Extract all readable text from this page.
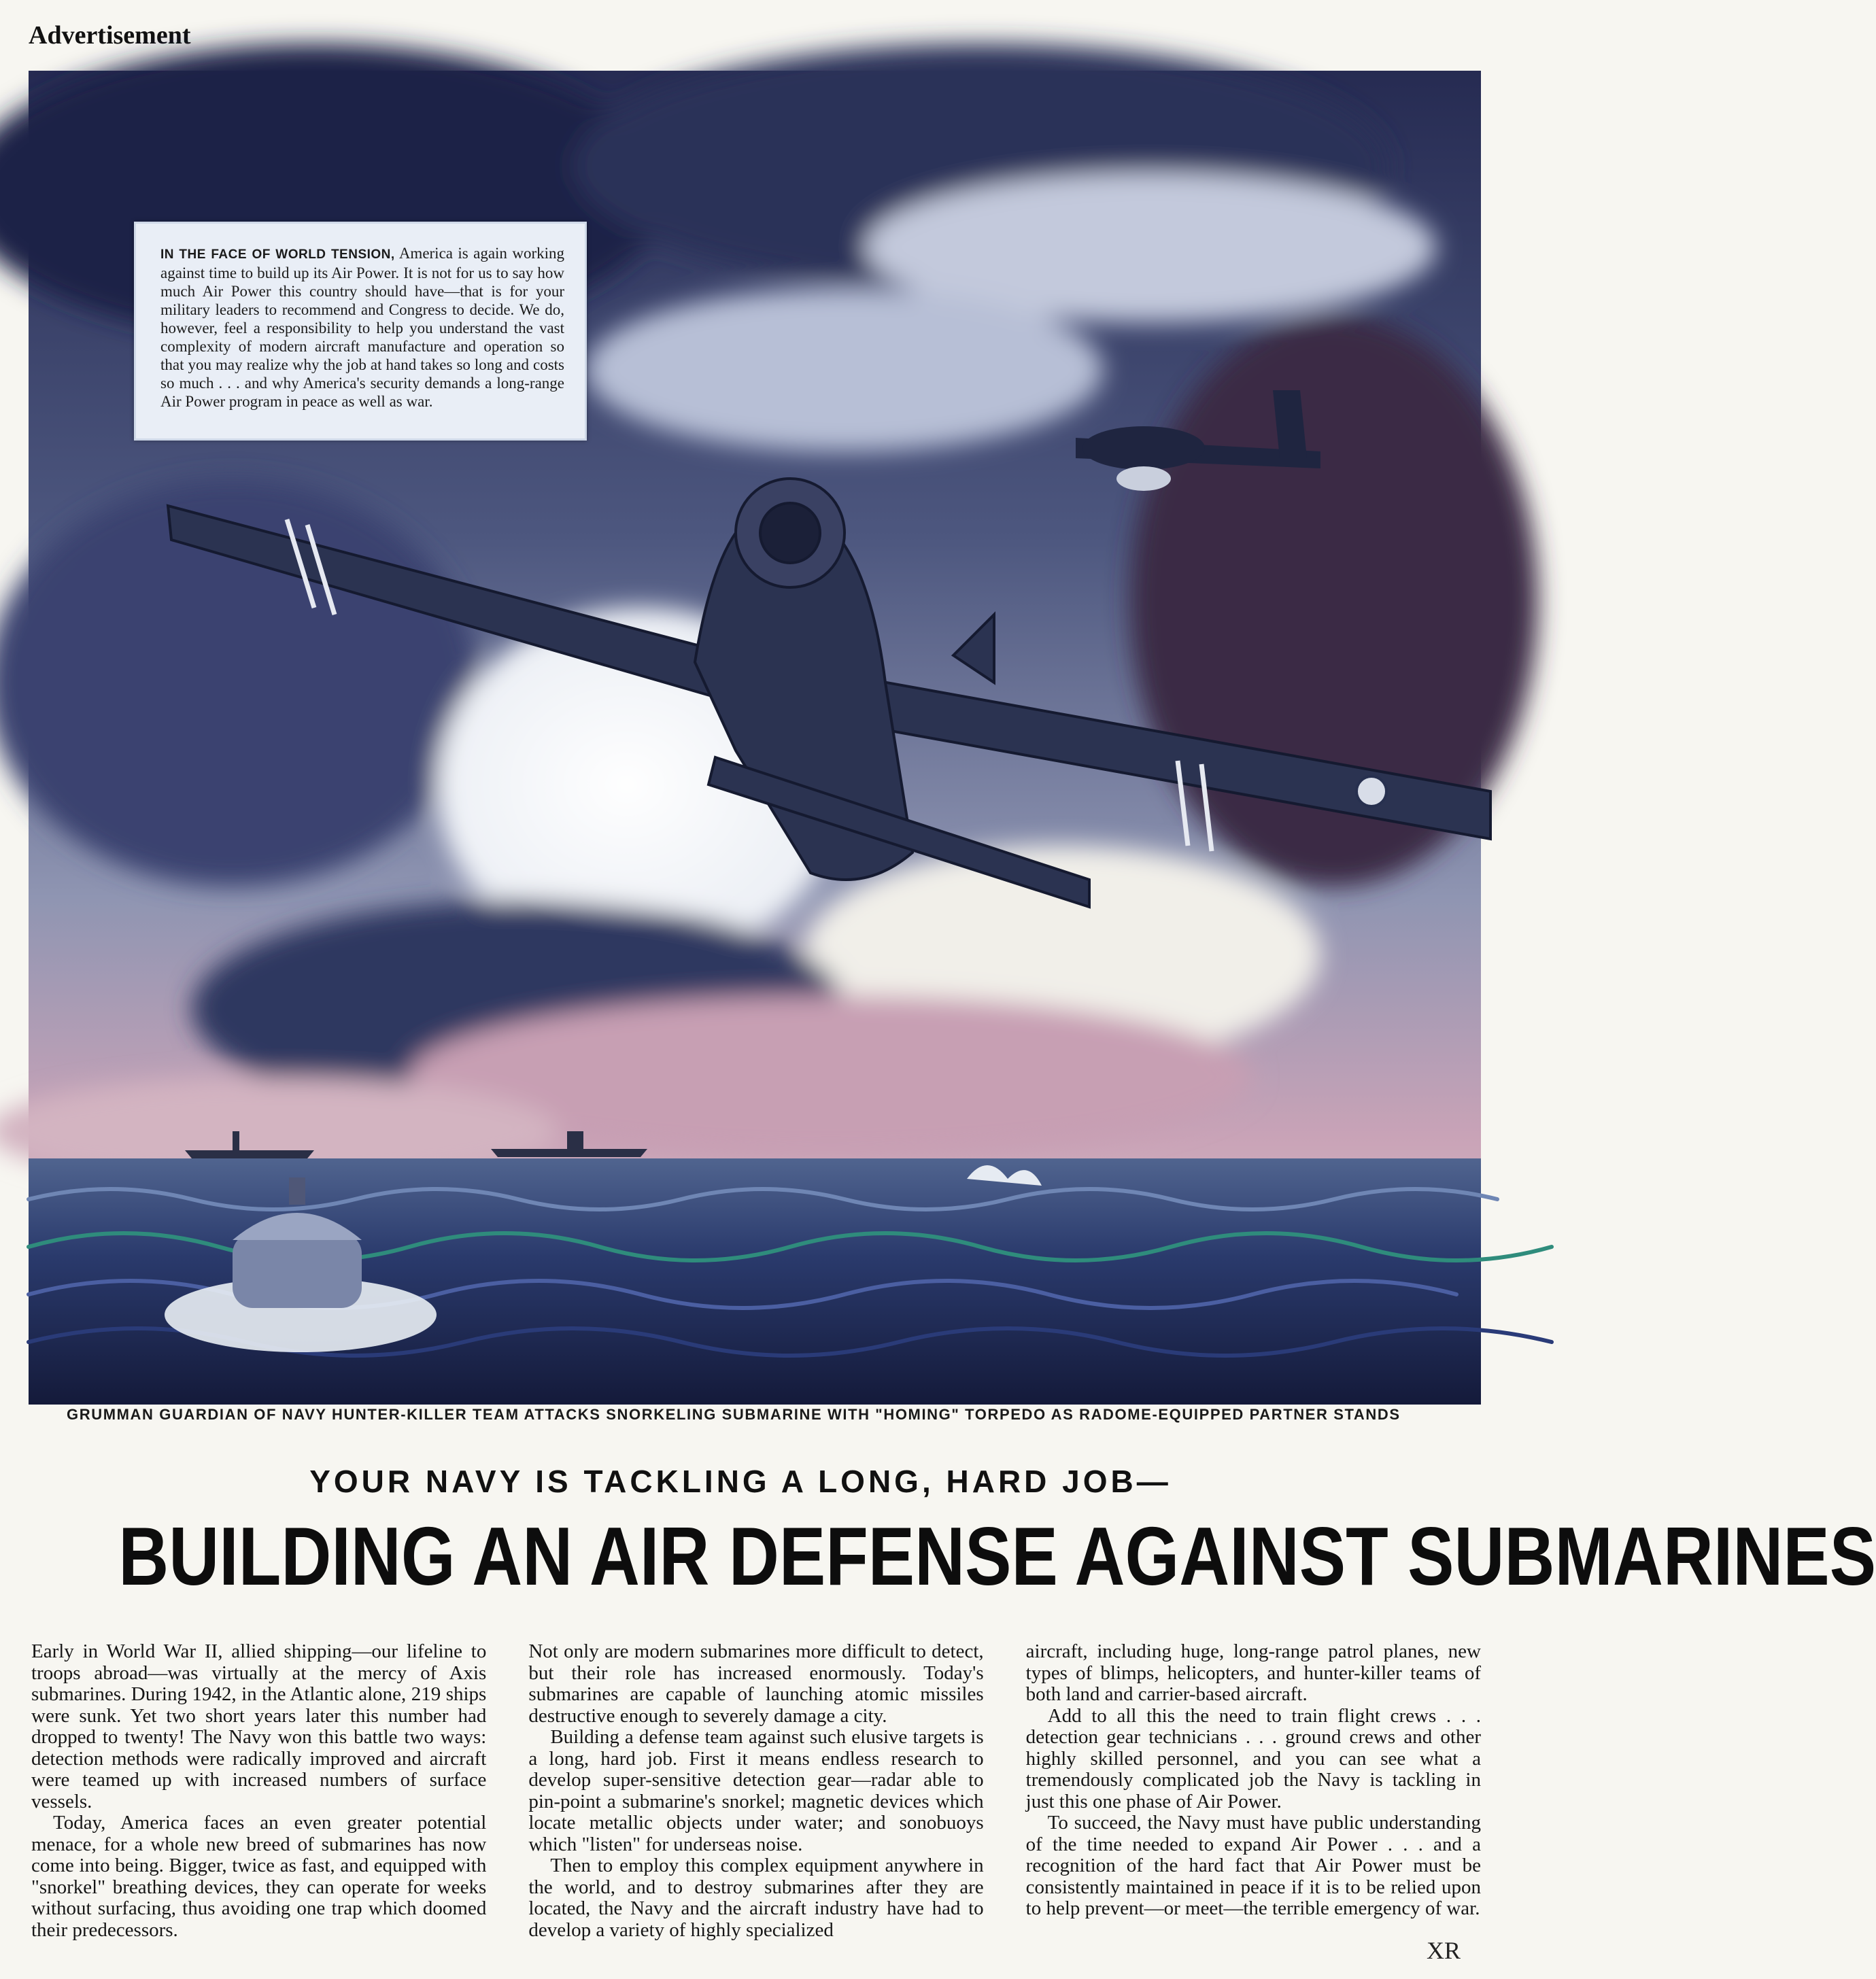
Advertisement
IN THE FACE OF WORLD TENSION, America is again working against time to build up its Air Power. It is not for us to say how much Air Power this country should have—that is for your military leaders to recommend and Congress to decide. We do, however, feel a responsibility to help you understand the vast complexity of modern aircraft manufacture and operation so that you may realize why the job at hand takes so long and costs so much . . . and why America's security demands a long-range Air Power program in peace as well as war.
GRUMMAN GUARDIAN OF NAVY HUNTER-KILLER TEAM ATTACKS SNORKELING SUBMARINE WITH "HOMING" TORPEDO AS RADOME-EQUIPPED PARTNER STANDS
YOUR NAVY IS TACKLING A LONG, HARD JOB—
BUILDING AN AIR DEFENSE AGAINST SUBMARINES

Early in World War II, allied shipping—our lifeline to troops abroad—was virtually at the mercy of Axis submarines. During 1942, in the Atlantic alone, 219 ships were sunk. Yet two short years later this number had dropped to twenty! The Navy won this battle two ways: detection methods were radically improved and aircraft were teamed up with increased numbers of surface vessels.

Today, America faces an even greater potential menace, for a whole new breed of submarines has now come into being. Bigger, twice as fast, and equipped with "snorkel" breathing devices, they can operate for weeks without surfacing, thus avoiding one trap which doomed their predecessors.

Not only are modern submarines more difficult to detect, but their role has increased enormously. Today's submarines are capable of launching atomic missiles destructive enough to severely damage a city.

Building a defense team against such elusive targets is a long, hard job. First it means endless research to develop super-sensitive detection gear—radar able to pin-point a submarine's snorkel; magnetic devices which locate metallic objects under water; and sonobuoys which "listen" for underseas noise.

Then to employ this complex equipment anywhere in the world, and to destroy submarines after they are located, the Navy and the aircraft industry have had to develop a variety of highly specialized

aircraft, including huge, long-range patrol planes, new types of blimps, helicopters, and hunter-killer teams of both land and carrier-based aircraft.

Add to all this the need to train flight crews . . . detection gear technicians . . . ground crews and other highly skilled personnel, and you can see what a tremendously complicated job the Navy is tackling in just this one phase of Air Power.

To succeed, the Navy must have public understanding of the time needed to expand Air Power . . . and a recognition of the hard fact that Air Power must be consistently maintained in peace if it is to be relied upon to help prevent—or meet—the terrible emergency of war.

XR
